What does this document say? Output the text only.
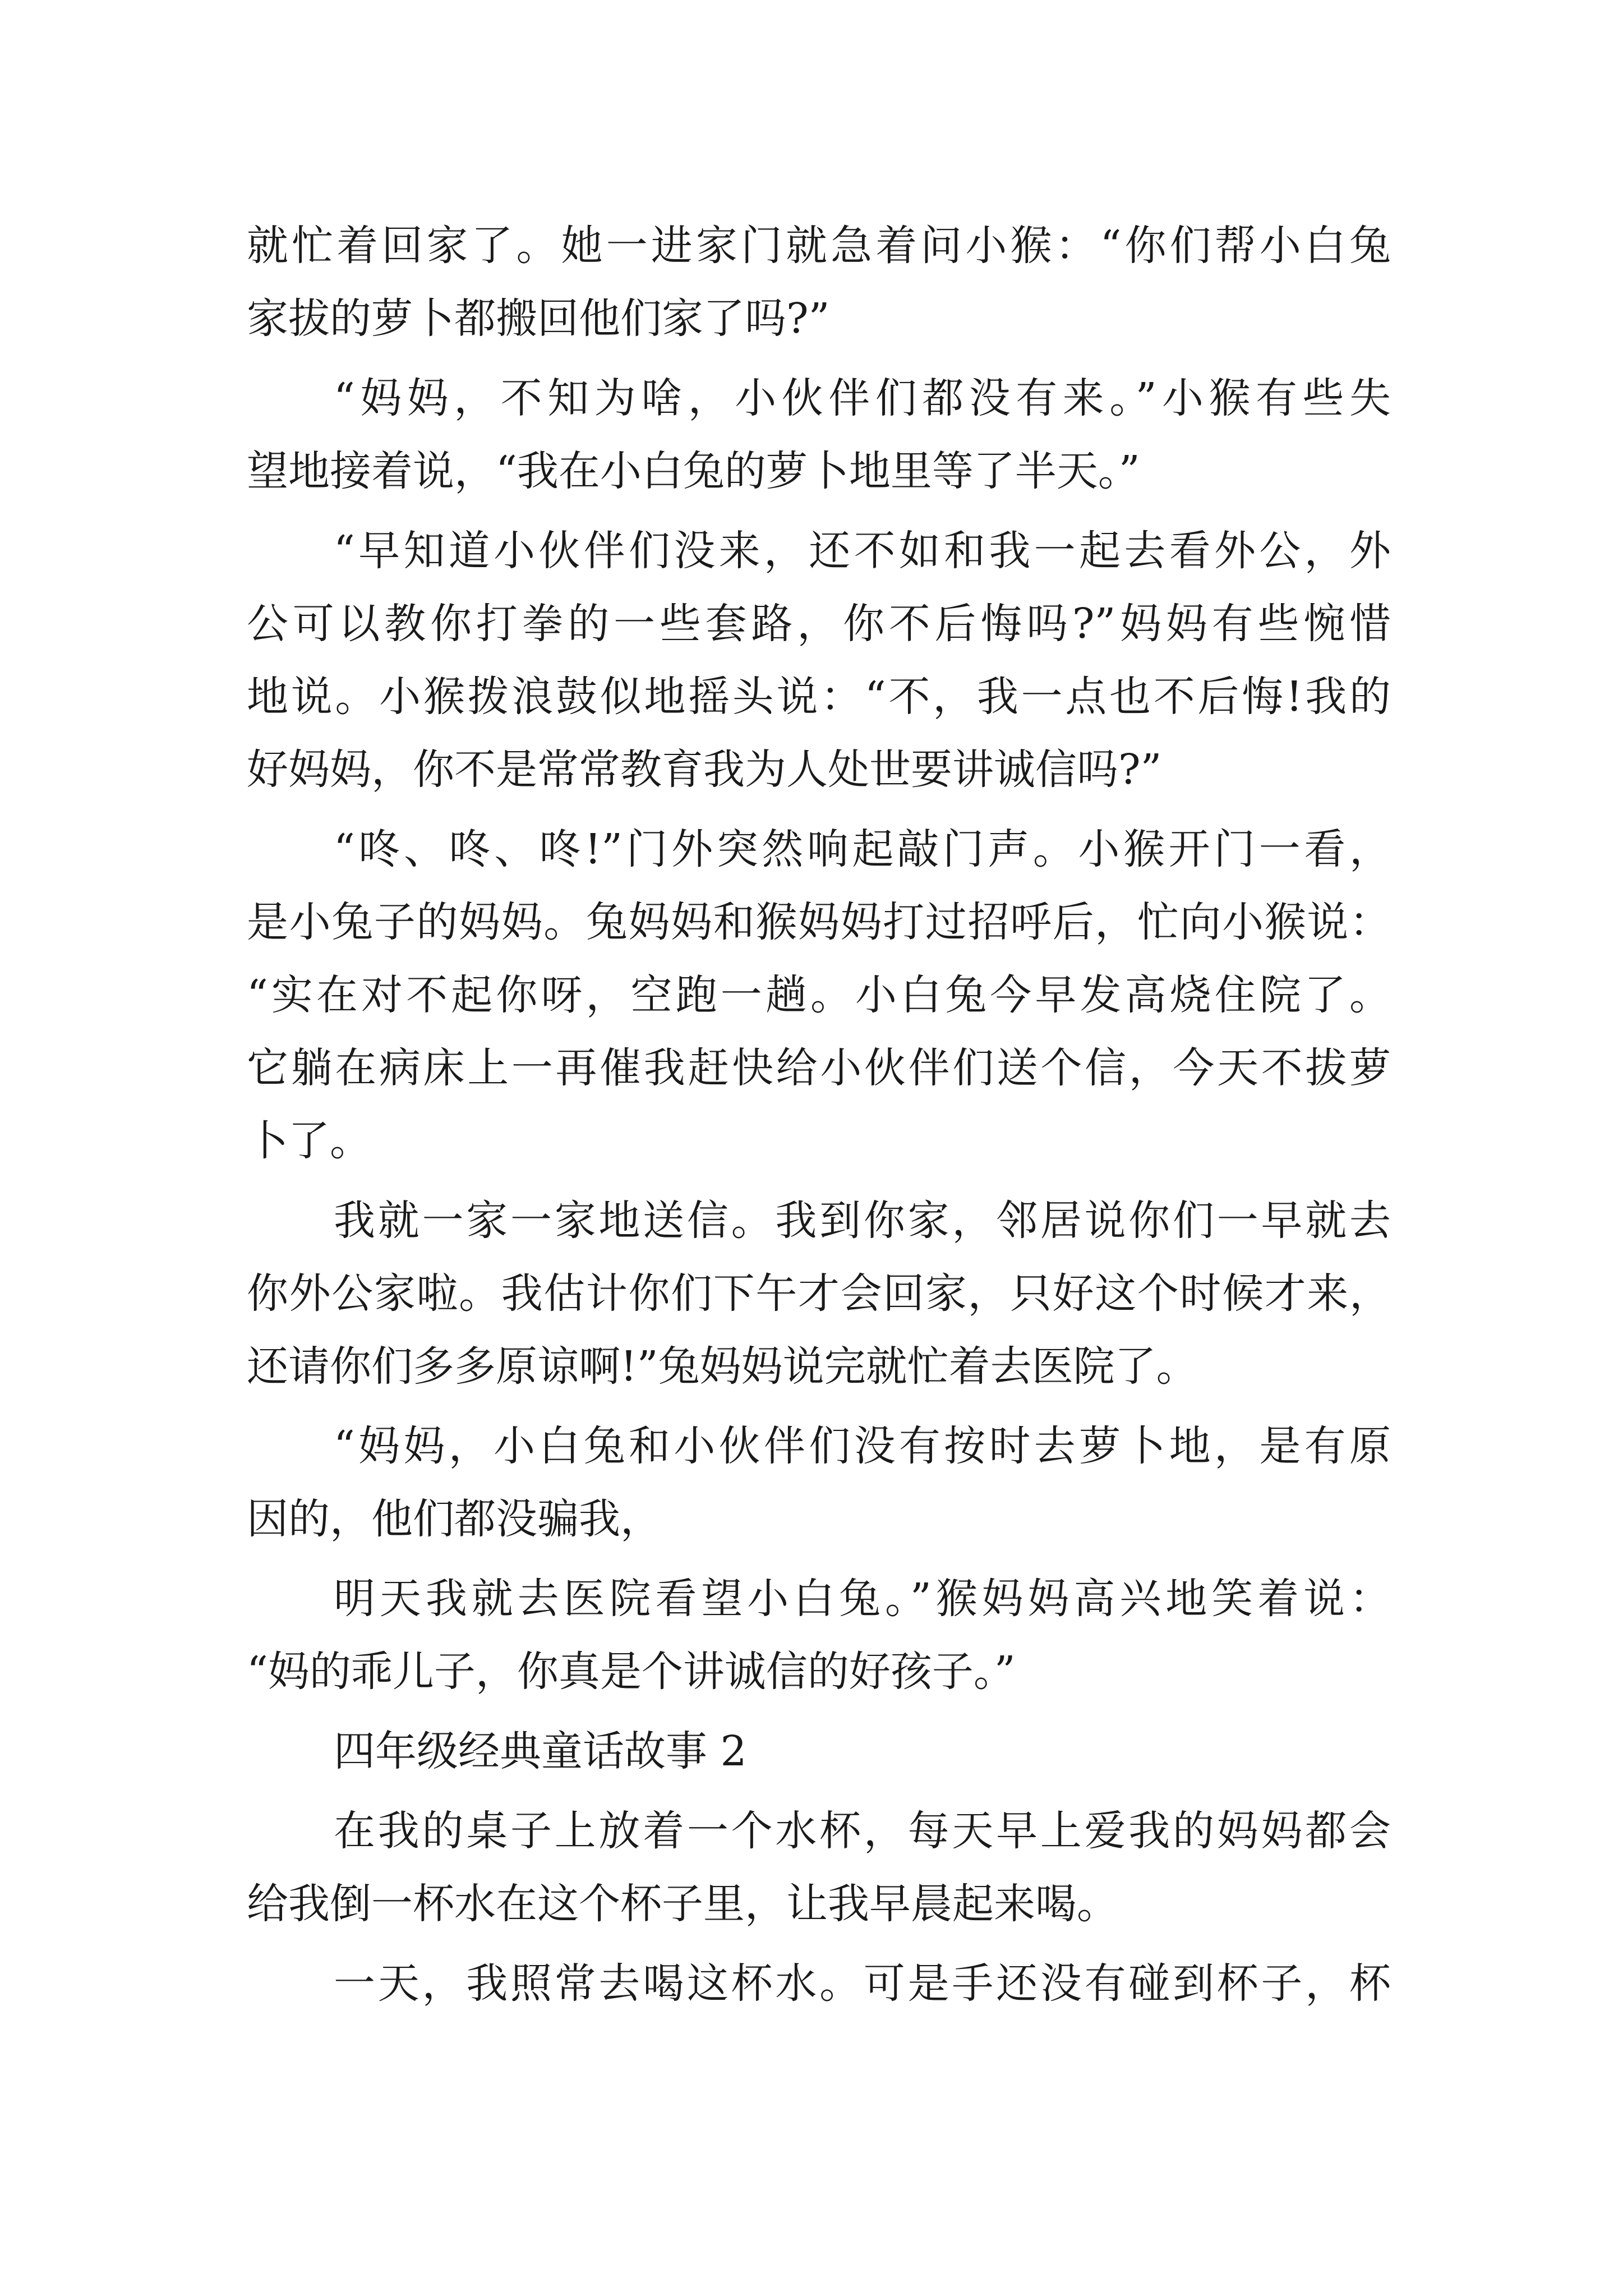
就忙着回家了。她一进家门就急着问小猴：“你们帮小白兔

家拔的萝卜都搬回他们家了吗?”

“妈妈，不知为啥，小伙伴们都没有来。”小猴有些失

望地接着说，“我在小白兔的萝卜地里等了半天。”

“早知道小伙伴们没来，还不如和我一起去看外公，外

公可以教你打拳的一些套路，你不后悔吗?”妈妈有些惋惜

地说。小猴拨浪鼓似地摇头说：“不，我一点也不后悔!我的

好妈妈，你不是常常教育我为人处世要讲诚信吗?”

“咚、咚、咚!”门外突然响起敲门声。小猴开门一看，

是小兔子的妈妈。兔妈妈和猴妈妈打过招呼后，忙向小猴说：

“实在对不起你呀，空跑一趟。小白兔今早发高烧住院了。

它躺在病床上一再催我赶快给小伙伴们送个信，今天不拔萝

卜了。

我就一家一家地送信。我到你家，邻居说你们一早就去

你外公家啦。我估计你们下午才会回家，只好这个时候才来，

还请你们多多原谅啊!”兔妈妈说完就忙着去医院了。

“妈妈，小白兔和小伙伴们没有按时去萝卜地，是有原

因的，他们都没骗我，

明天我就去医院看望小白兔。”猴妈妈高兴地笑着说：

“妈的乖儿子，你真是个讲诚信的好孩子。”

四年级经典童话故事 2

在我的桌子上放着一个水杯，每天早上爱我的妈妈都会

给我倒一杯水在这个杯子里，让我早晨起来喝。

一天，我照常去喝这杯水。可是手还没有碰到杯子，杯
